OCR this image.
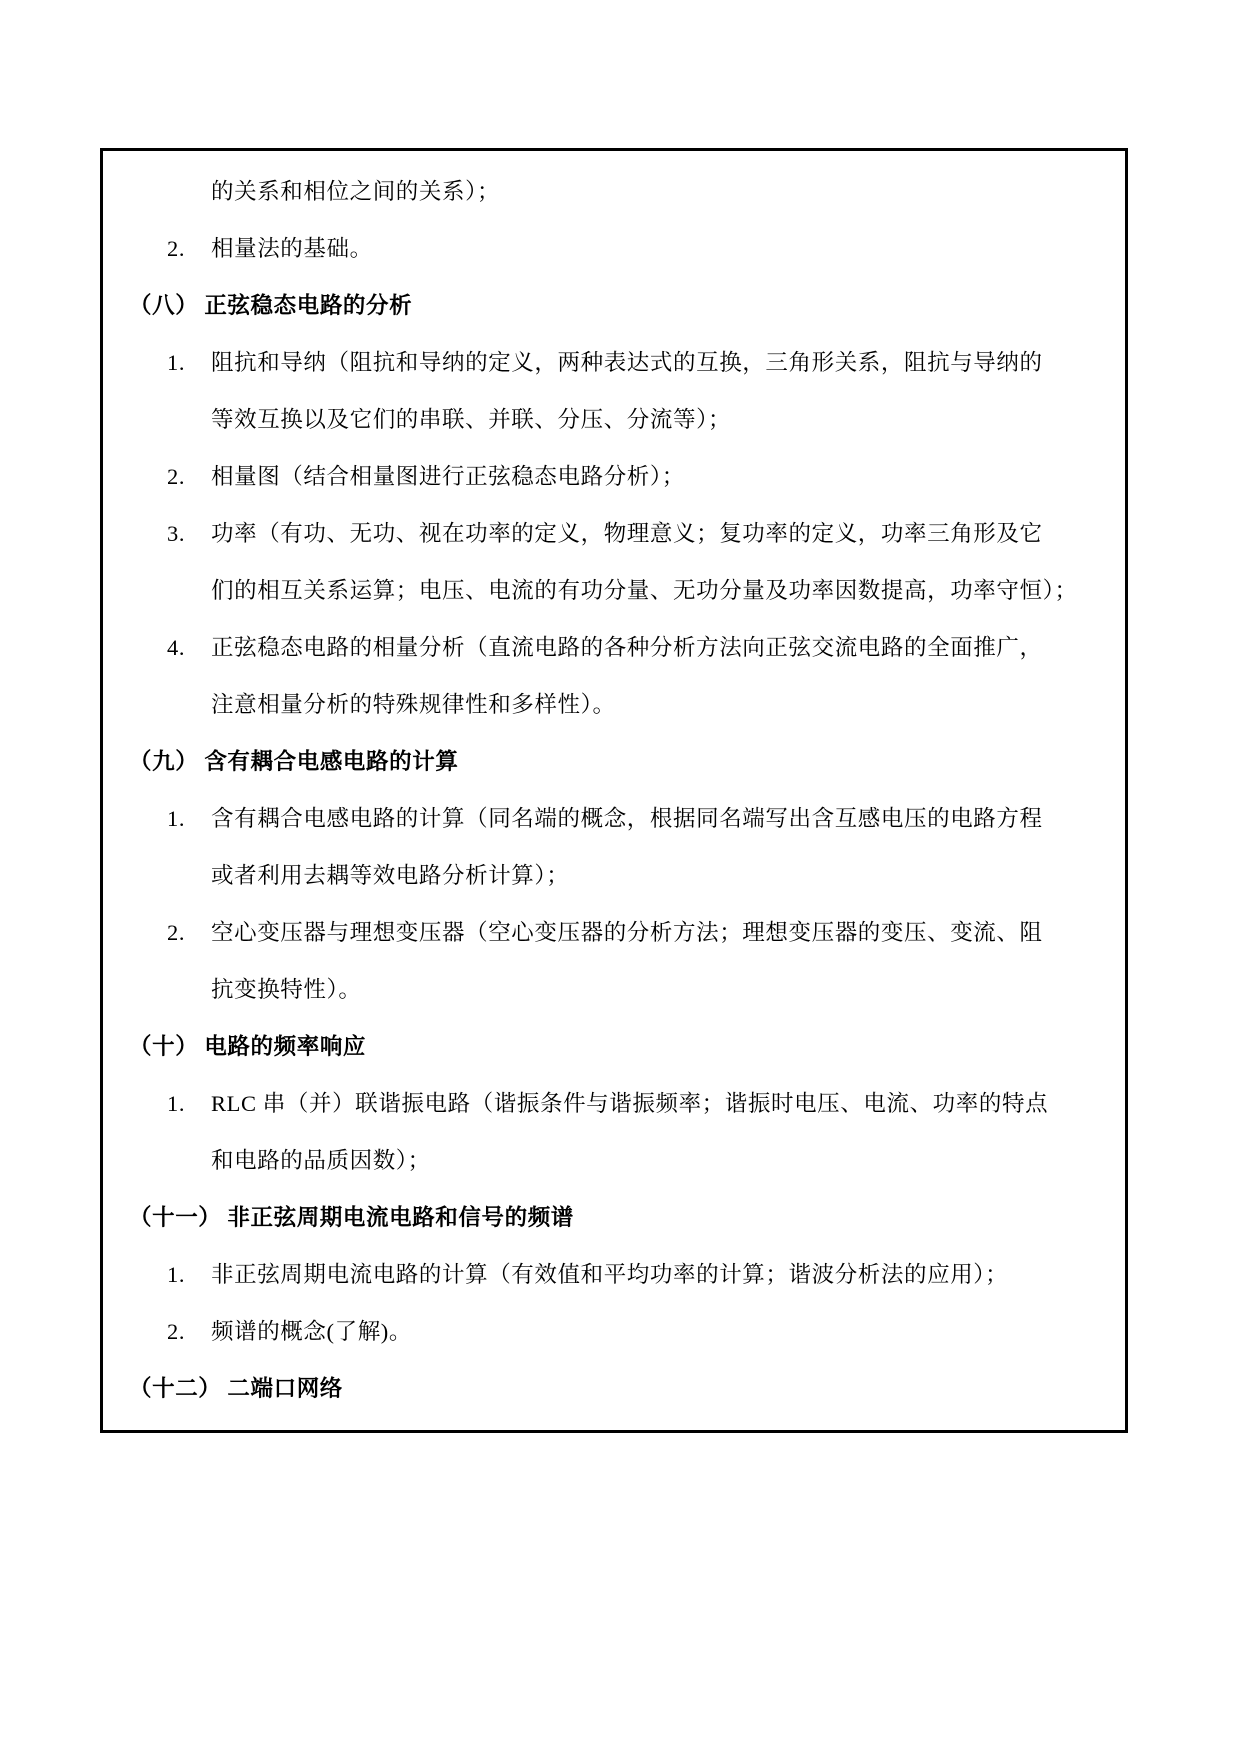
的关系和相位之间的关系）；
2.	相量法的基础。
（八） 正弦稳态电路的分析
1.	阻抗和导纳（阻抗和导纳的定义，两种表达式的互换，三角形关系，阻抗与导纳的
等效互换以及它们的串联、并联、分压、分流等）；
2.	相量图（结合相量图进行正弦稳态电路分析）；
3.	功率（有功、无功、视在功率的定义，物理意义；复功率的定义，功率三角形及它
们的相互关系运算；电压、电流的有功分量、无功分量及功率因数提高，功率守恒）；
4.	正弦稳态电路的相量分析（直流电路的各种分析方法向正弦交流电路的全面推广，
注意相量分析的特殊规律性和多样性）。
（九） 含有耦合电感电路的计算
1.	含有耦合电感电路的计算（同名端的概念，根据同名端写出含互感电压的电路方程
或者利用去耦等效电路分析计算）；
2.	空心变压器与理想变压器（空心变压器的分析方法；理想变压器的变压、变流、阻
抗变换特性）。
（十） 电路的频率响应
1.	RLC 串（并）联谐振电路（谐振条件与谐振频率；谐振时电压、电流、功率的特点
和电路的品质因数）；
（十一） 非正弦周期电流电路和信号的频谱
1.	非正弦周期电流电路的计算（有效值和平均功率的计算；谐波分析法的应用）；
2.	频谱的概念(了解)。
（十二） 二端口网络
